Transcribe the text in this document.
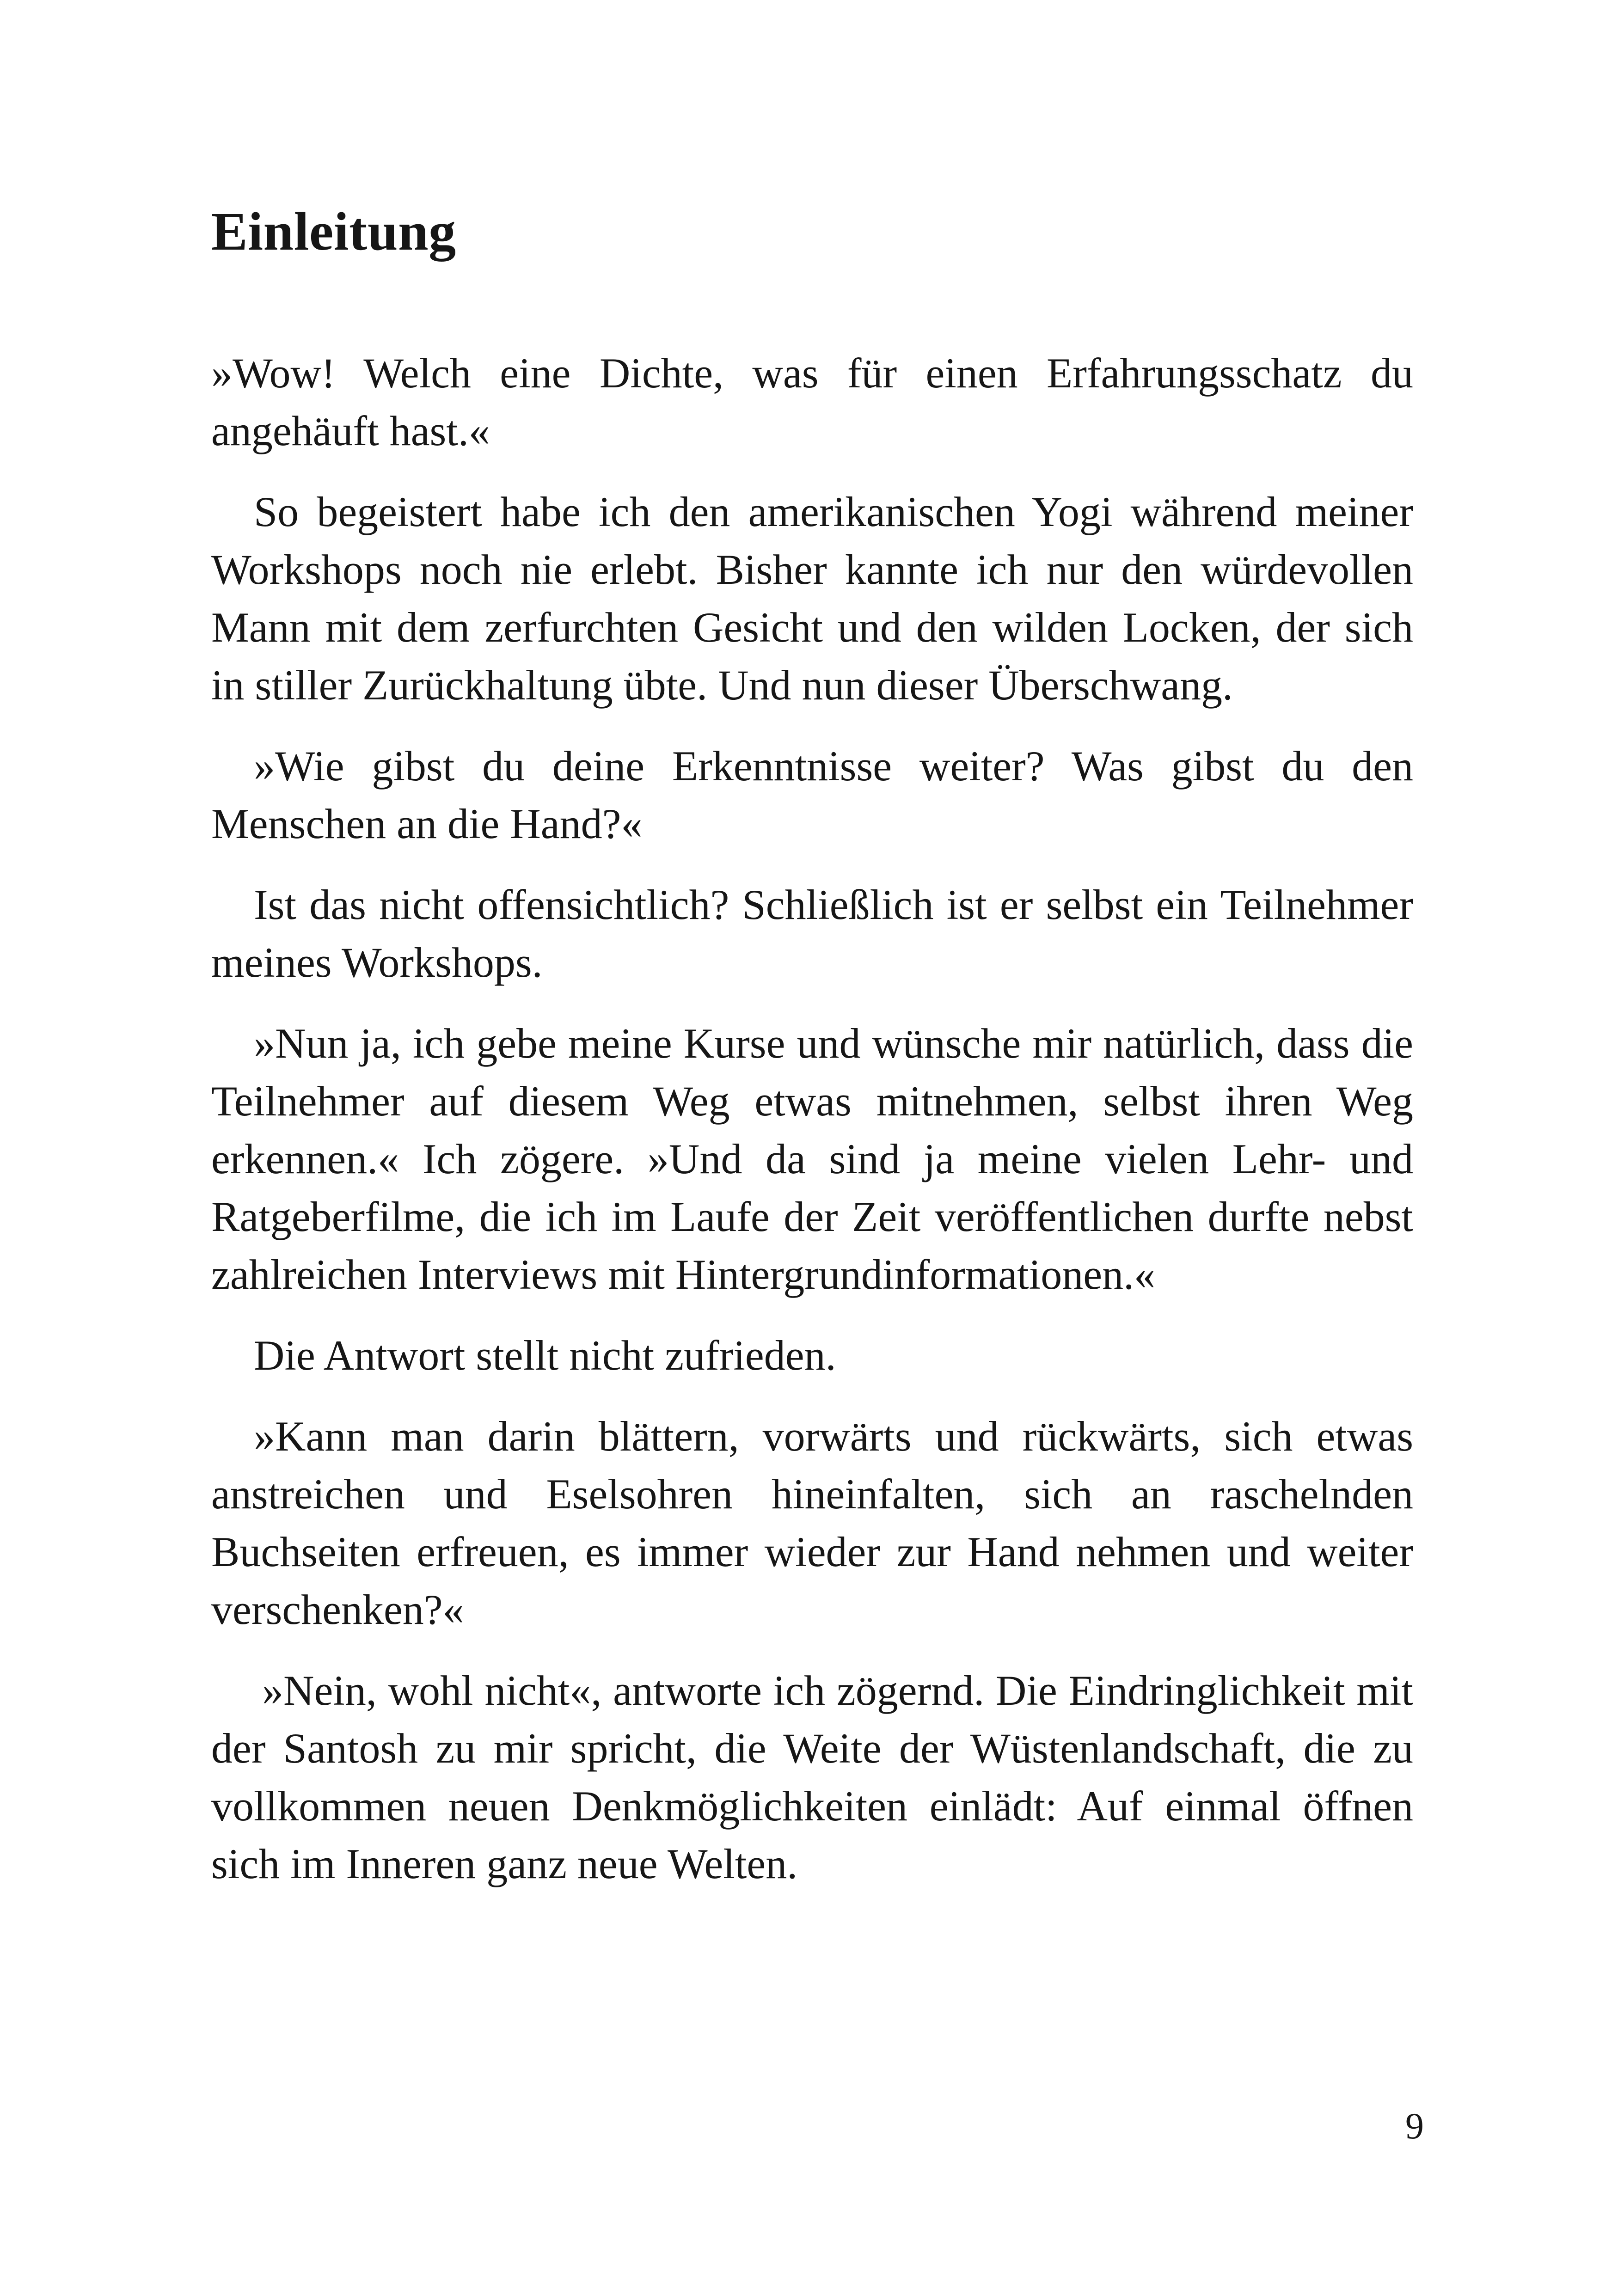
Einleitung

»Wow! Welch eine Dichte, was für einen Erfahrungsschatz du angehäuft hast.«

So begeistert habe ich den amerikanischen Yogi während meiner Workshops noch nie erlebt. Bisher kannte ich nur den würdevollen Mann mit dem zerfurchten Gesicht und den wilden Locken, der sich in stiller Zurückhaltung übte. Und nun dieser Überschwang.

»Wie gibst du deine Erkenntnisse weiter? Was gibst du den Menschen an die Hand?«

Ist das nicht offensichtlich? Schließlich ist er selbst ein Teilnehmer meines Workshops.

»Nun ja, ich gebe meine Kurse und wünsche mir natürlich, dass die Teilnehmer auf diesem Weg etwas mitnehmen, selbst ihren Weg erkennen.« Ich zögere. »Und da sind ja meine vielen Lehr- und Ratgeberfilme, die ich im Laufe der Zeit veröffentlichen durfte nebst zahlreichen Interviews mit Hintergrundinformationen.«

Die Antwort stellt nicht zufrieden.

»Kann man darin blättern, vorwärts und rückwärts, sich etwas anstreichen und Eselsohren hineinfalten, sich an raschelnden Buchseiten erfreuen, es immer wieder zur Hand nehmen und weiter verschenken?«

»Nein, wohl nicht«, antworte ich zögernd. Die Eindringlichkeit mit der Santosh zu mir spricht, die Weite der Wüstenlandschaft, die zu vollkommen neuen Denkmöglichkeiten einlädt: Auf einmal öffnen sich im Inneren ganz neue Welten.

9
